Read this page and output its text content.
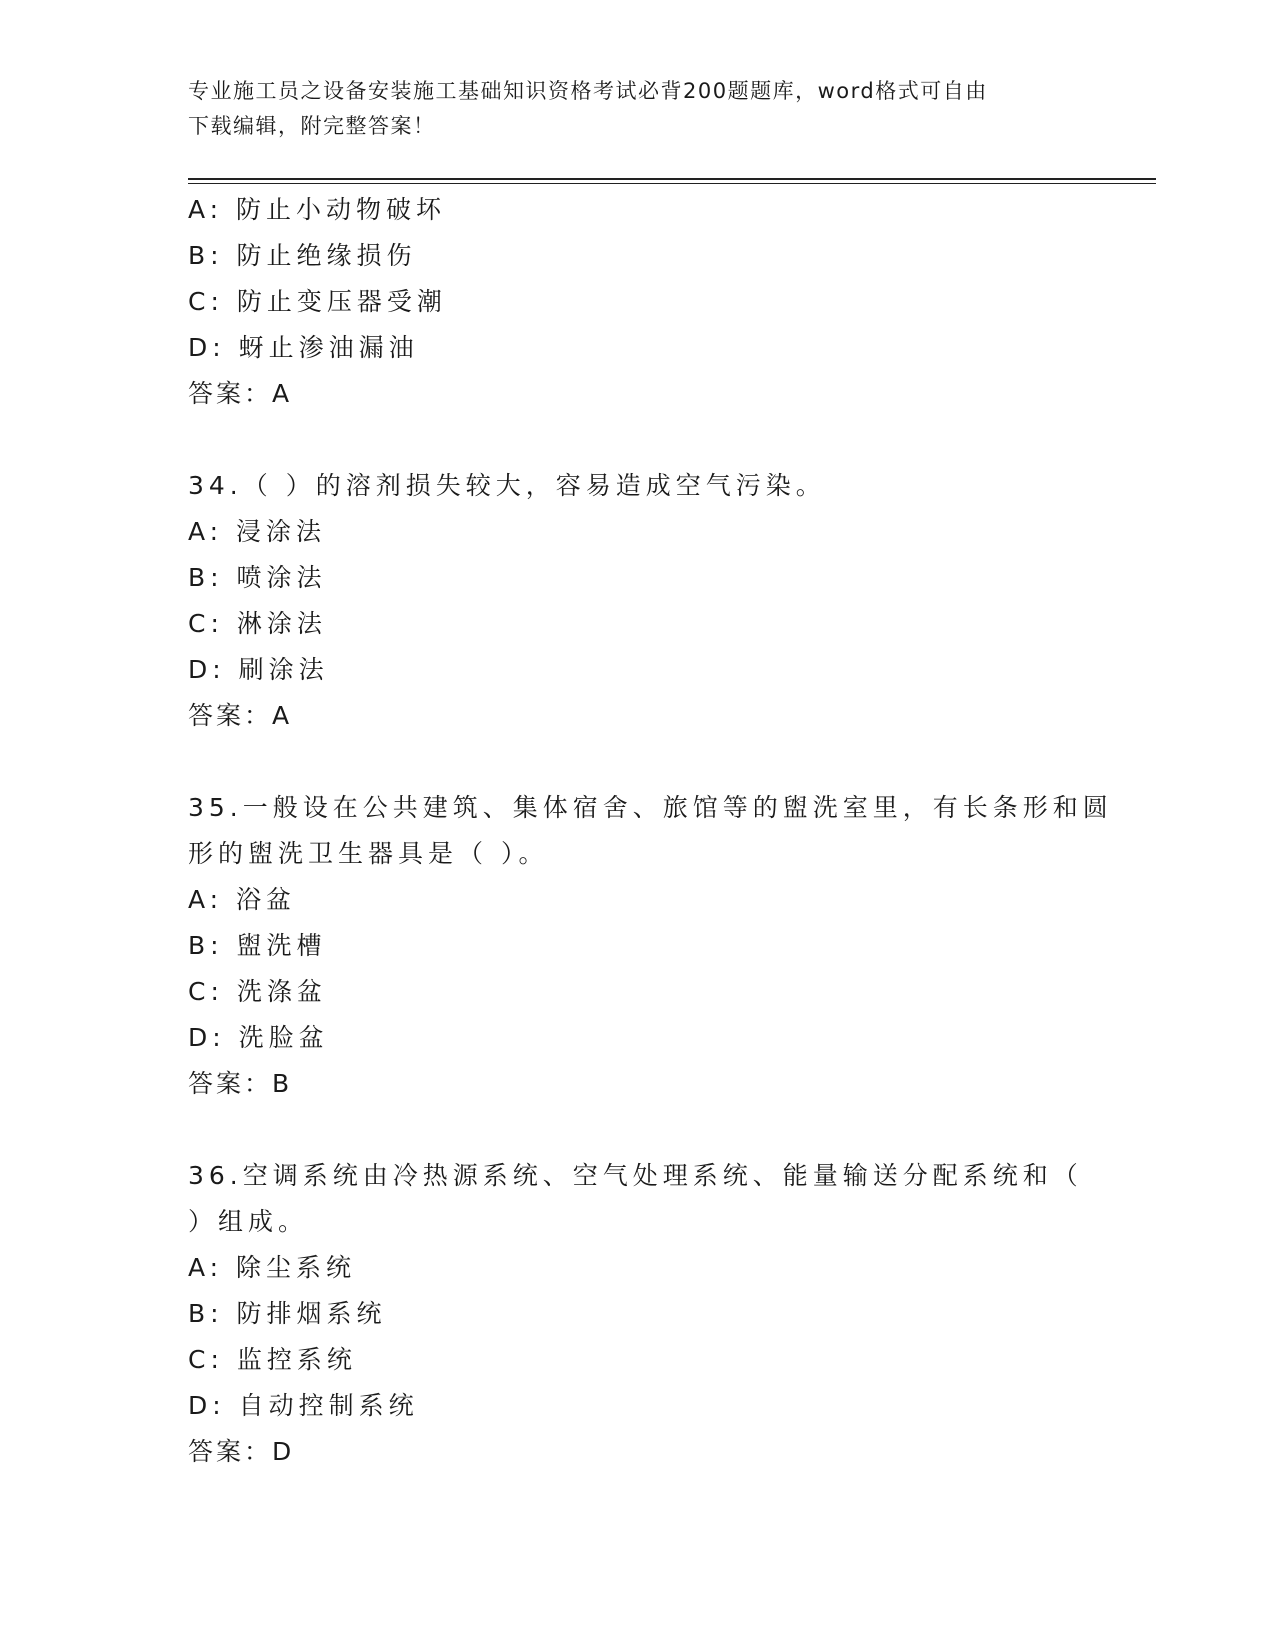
专业施工员之设备安装施工基础知识资格考试必背200题题库，word格式可自由
下载编辑，附完整答案！
A: 防止小动物破坏
B: 防止绝缘损伤
C: 防止变压器受潮
D: 蚜止渗油漏油
答案：A
34.（ ）的溶剂损失较大，容易造成空气污染。
A: 浸涂法
B: 喷涂法
C: 淋涂法
D: 刷涂法
答案：A
35.一般设在公共建筑、集体宿舍、旅馆等的盥洗室里，有长条形和圆
形的盥洗卫生器具是（ ）。
A: 浴盆
B: 盥洗槽
C: 洗涤盆
D: 洗脸盆
答案：B
36.空调系统由冷热源系统、空气处理系统、能量输送分配系统和（
）组成。
A: 除尘系统
B: 防排烟系统
C: 监控系统
D: 自动控制系统
答案：D
